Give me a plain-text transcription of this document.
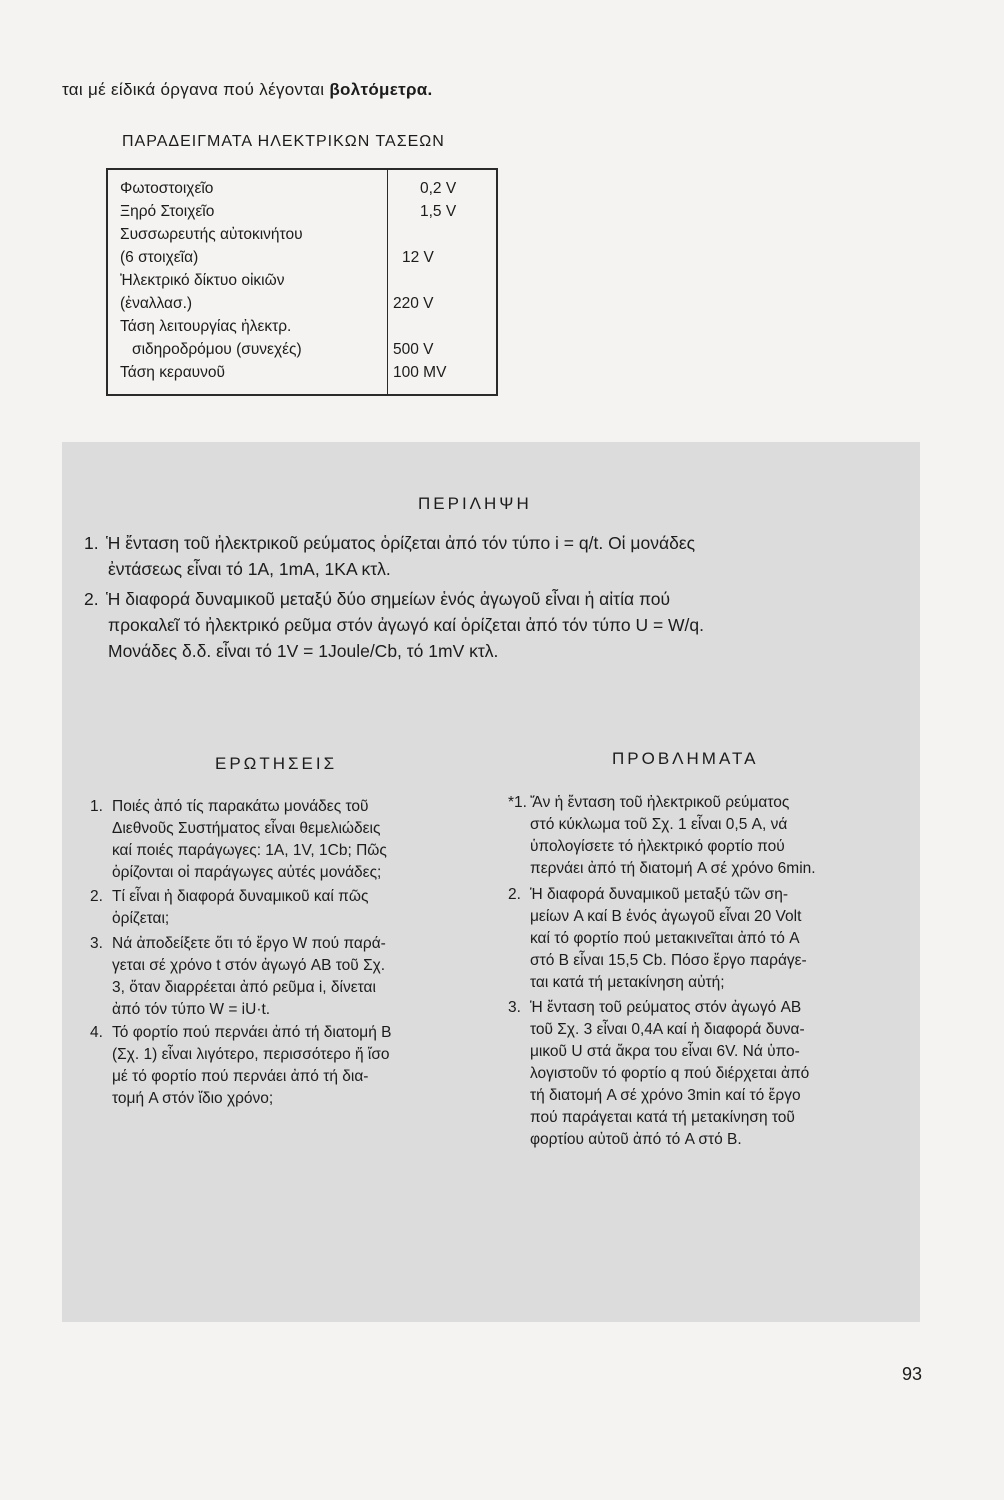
ται μέ είδικά όργανα πού λέγονται βολτόμετρα.
ΠΑΡΑΔΕΙΓΜΑΤΑ ΗΛΕΚΤΡΙΚΩΝ ΤΑΣΕΩΝ
Φωτοστοιχεῖο
Ξηρό Στοιχεῖο
Συσσωρευτής αὐτοκινήτου
(6 στοιχεῖα)
Ἠλεκτρικό δίκτυο οἰκιῶν
(ἐναλλασ.)
Τάση λειτουργίας ἠλεκτρ.
σιδηροδρόμου (συνεχές)
Τάση κεραυνοῦ
0,2 V
1,5 V
12 V
220 V
500 V
100 MV
ΠΕΡΙΛΗΨΗ
1. Ἡ ἔνταση τοῦ ἠλεκτρικοῦ ρεύματος ὁρίζεται ἀπό τόν τύπο i = q/t. Οἱ μονάδες
ἐντάσεως εἶναι τό 1A, 1mA, 1KA κτλ.
2. Ἡ διαφορά δυναμικοῦ μεταξύ δύο σημείων ἑνός ἀγωγοῦ εἶναι ἡ αἰτία πού
προκαλεῖ τό ἠλεκτρικό ρεῦμα στόν ἀγωγό καί ὁρίζεται ἀπό τόν τύπο U = W/q.
Μονάδες δ.δ. εἶναι τό 1V = 1Joule/Cb, τό 1mV κτλ.
ΕΡΩΤΗΣΕΙΣ	ΠΡΟΒΛΗΜΑΤΑ
1. Ποιές ἀπό τίς παρακάτω μονάδες τοῦ
Διεθνοῦς Συστήματος εἶναι θεμελιώδεις
καί ποιές παράγωγες: 1A, 1V, 1Cb; Πῶς
ὁρίζονται οἱ παράγωγες αὐτές μονάδες;
2. Τί εἶναι ἡ διαφορά δυναμικοῦ καί πῶς
ὁρίζεται;
3. Νά ἀποδείξετε ὅτι τό ἔργο W πού παρά-
γεται σέ χρόνο t στόν ἀγωγό AB τοῦ Σχ.
3, ὅταν διαρρέεται ἀπό ρεῦμα i, δίνεται
ἀπό τόν τύπο W = iU·t.
4. Τό φορτίο πού περνάει ἀπό τή διατομή B
(Σχ. 1) εἶναι λιγότερο, περισσότερο ἤ ἴσο
μέ τό φορτίο πού περνάει ἀπό τή δια-
τομή A στόν ἴδιο χρόνο;
*1. Ἄν ἡ ἔνταση τοῦ ἠλεκτρικοῦ ρεύματος
στό κύκλωμα τοῦ Σχ. 1 εἶναι 0,5 A, νά
ὑπολογίσετε τό ἠλεκτρικό φορτίο πού
περνάει ἀπό τή διατομή A σέ χρόνο 6min.
2. Ἡ διαφορά δυναμικοῦ μεταξύ τῶν ση-
μείων A καί B ἑνός ἀγωγοῦ εἶναι 20 Volt
καί τό φορτίο πού μετακινεῖται ἀπό τό A
στό B εἶναι 15,5 Cb. Πόσο ἔργο παράγε-
ται κατά τή μετακίνηση αὐτή;
3. Ἡ ἔνταση τοῦ ρεύματος στόν ἀγωγό AB
τοῦ Σχ. 3 εἶναι 0,4A καί ἡ διαφορά δυνα-
μικοῦ U στά ἄκρα του εἶναι 6V. Νά ὑπο-
λογιστοῦν τό φορτίο q πού διέρχεται ἀπό
τή διατομή A σέ χρόνο 3min καί τό ἔργο
πού παράγεται κατά τή μετακίνηση τοῦ
φορτίου αὐτοῦ ἀπό τό A στό B.
93
